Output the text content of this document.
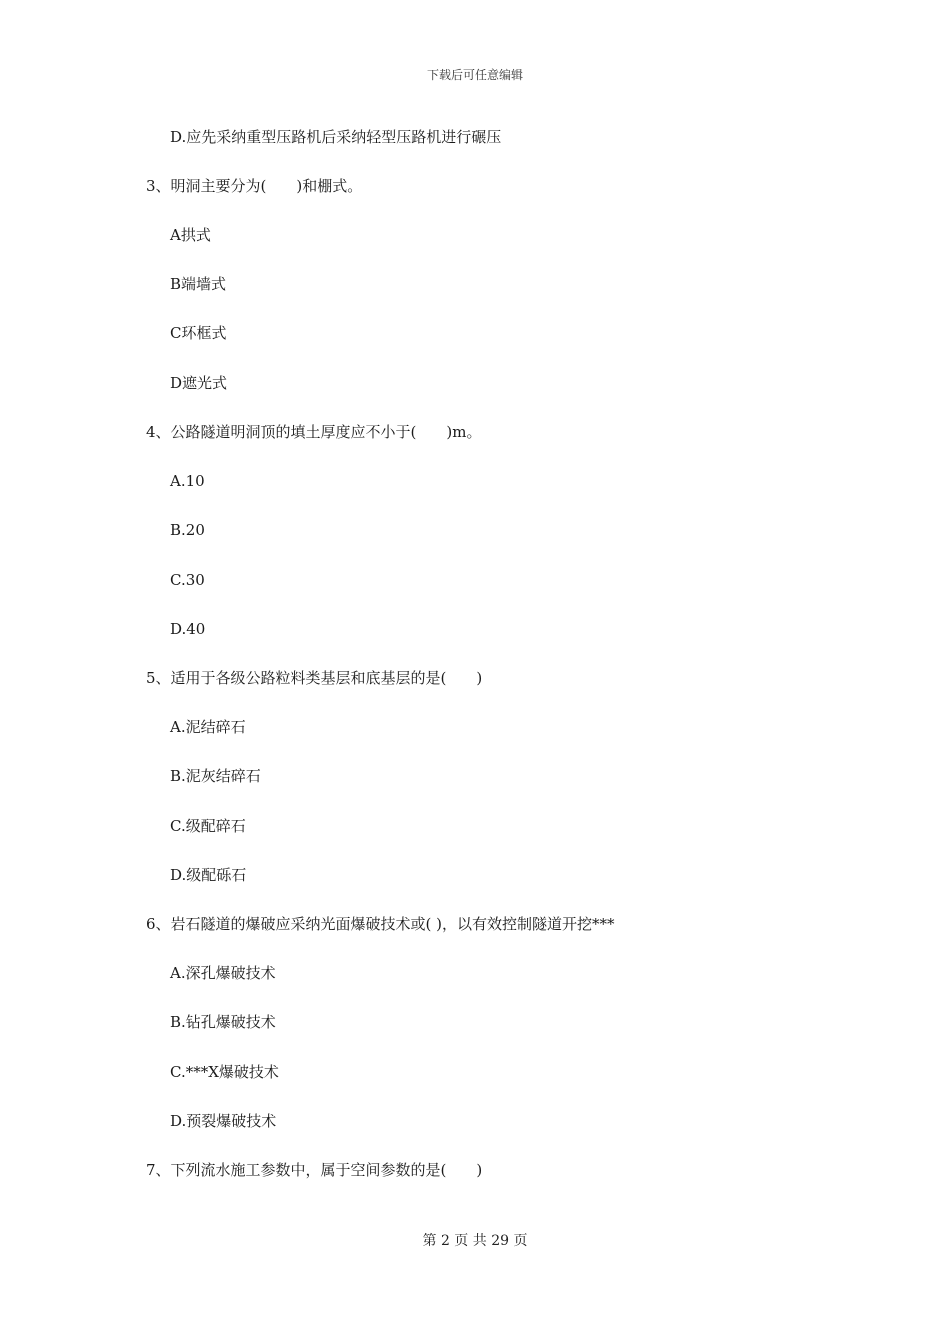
下载后可任意编辑
D.应先采纳重型压路机后采纳轻型压路机进行碾压
3、明洞主要分为(　　)和棚式。
A拱式
B端墙式
C环框式
D遮光式
4、公路隧道明洞顶的填土厚度应不小于(　　)m。
A.10
B.20
C.30
D.40
5、适用于各级公路粒料类基层和底基层的是(　　)
A.泥结碎石
B.泥灰结碎石
C.级配碎石
D.级配砾石
6、岩石隧道的爆破应采纳光面爆破技术或( )，以有效控制隧道开挖***
A.深孔爆破技术
B.钻孔爆破技术
C.***X爆破技术
D.预裂爆破技术
7、下列流水施工参数中，属于空间参数的是(　　)
第 2 页 共 29 页
